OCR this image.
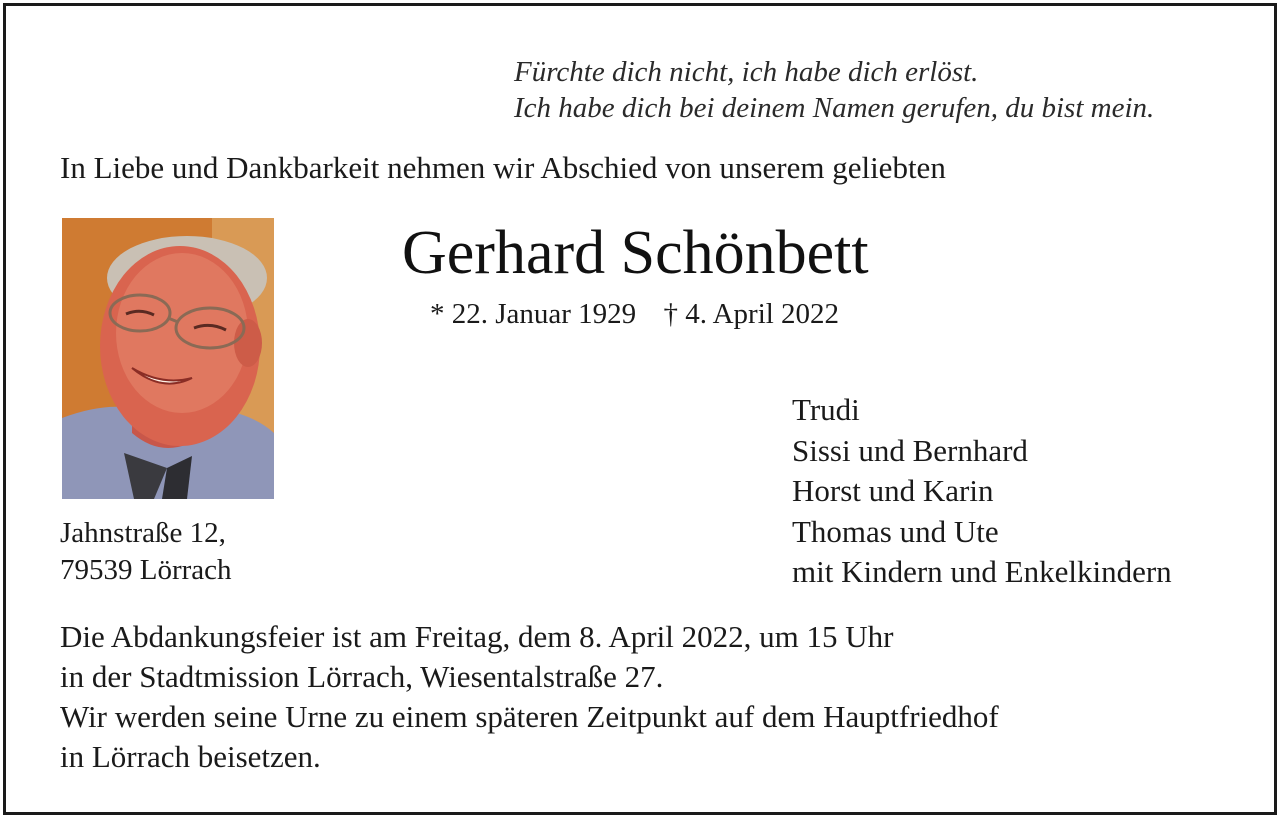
Fürchte dich nicht, ich habe dich erlöst.
Ich habe dich bei deinem Namen gerufen, du bist mein.
In Liebe und Dankbarkeit nehmen wir Abschied von unserem geliebten
Gerhard Schönbett
* 22. Januar 1929 † 4. April 2022
Trudi
Sissi und Bernhard
Horst und Karin
Thomas und Ute
mit Kindern und Enkelkindern
Jahnstraße 12,
79539 Lörrach
Die Abdankungsfeier ist am Freitag, dem 8. April 2022, um 15 Uhr
in der Stadtmission Lörrach, Wiesentalstraße 27.
Wir werden seine Urne zu einem späteren Zeitpunkt auf dem Hauptfriedhof
in Lörrach beisetzen.
